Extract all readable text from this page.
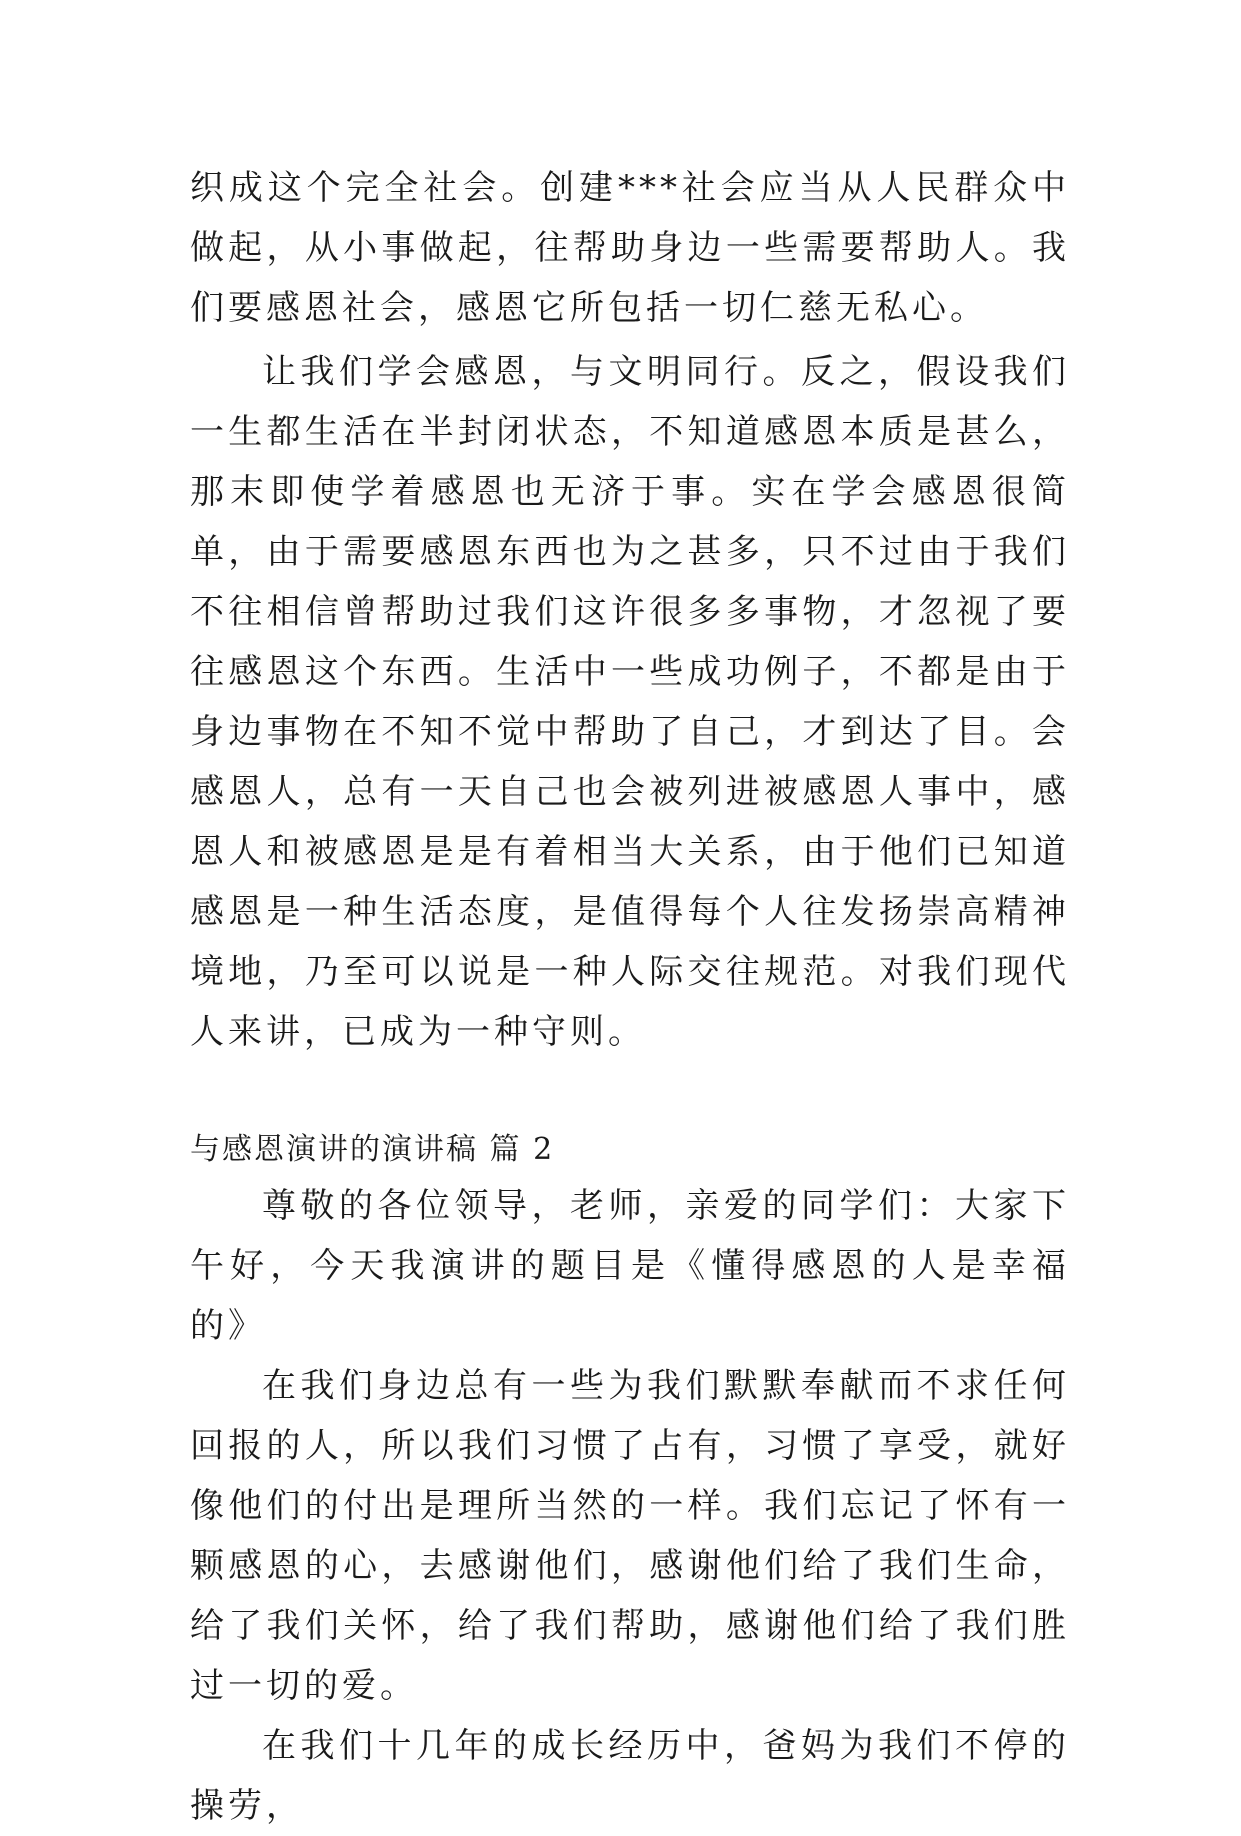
织成这个完全社会。创建***社会应当从人民群众中做起，从小事做起，往帮助身边一些需要帮助人。我们要感恩社会，感恩它所包括一切仁慈无私心。

让我们学会感恩，与文明同行。反之，假设我们一生都生活在半封闭状态，不知道感恩本质是甚么，那末即使学着感恩也无济于事。实在学会感恩很简单，由于需要感恩东西也为之甚多，只不过由于我们不往相信曾帮助过我们这许很多多事物，才忽视了要往感恩这个东西。生活中一些成功例子，不都是由于身边事物在不知不觉中帮助了自己，才到达了目。会感恩人，总有一天自己也会被列进被感恩人事中，感恩人和被感恩是是有着相当大关系，由于他们已知道感恩是一种生活态度，是值得每个人往发扬崇高精神境地，乃至可以说是一种人际交往规范。对我们现代人来讲，已成为一种守则。

与感恩演讲的演讲稿 篇 2

尊敬的各位领导，老师，亲爱的同学们：大家下午好，今天我演讲的题目是《懂得感恩的人是幸福的》

在我们身边总有一些为我们默默奉献而不求任何回报的人，所以我们习惯了占有，习惯了享受，就好像他们的付出是理所当然的一样。我们忘记了怀有一颗感恩的心，去感谢他们，感谢他们给了我们生命，给了我们关怀，给了我们帮助，感谢他们给了我们胜过一切的爱。

在我们十几年的成长经历中，爸妈为我们不停的操劳，
